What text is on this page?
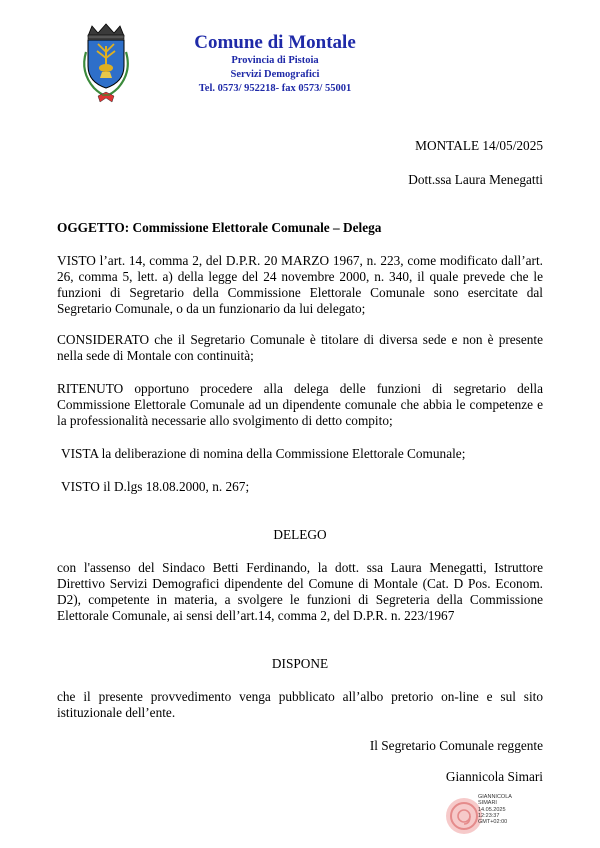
Comune di Montale
Provincia di Pistoia
Servizi Demografici
Tel. 0573/ 952218- fax 0573/ 55001
MONTALE 14/05/2025
Dott.ssa Laura Menegatti
OGGETTO: Commissione Elettorale Comunale – Delega
VISTO l’art. 14, comma 2, del D.P.R. 20 MARZO 1967, n. 223, come modificato dall’art. 26, comma 5, lett. a) della legge del 24 novembre 2000, n. 340, il quale prevede che le funzioni di Segretario della Commissione Elettorale Comunale sono esercitate dal Segretario Comunale, o da un funzionario da lui delegato;
CONSIDERATO che il Segretario Comunale è titolare di diversa sede e non è presente nella sede di Montale con continuità;
RITENUTO opportuno procedere alla delega delle funzioni di segretario della Commissione Elettorale Comunale ad un dipendente comunale che abbia le competenze e la professionalità necessarie allo svolgimento di detto compito;
VISTA la deliberazione di nomina della Commissione Elettorale Comunale;
VISTO il D.lgs 18.08.2000, n. 267;
DELEGO
con l'assenso del Sindaco Betti Ferdinando, la dott. ssa Laura Menegatti, Istruttore Direttivo Servizi Demografici dipendente del Comune di Montale (Cat. D Pos. Econom. D2), competente in materia, a svolgere le funzioni di Segreteria della Commissione Elettorale Comunale, ai sensi dell’art.14, comma 2, del D.P.R. n. 223/1967
DISPONE
che il presente provvedimento venga pubblicato all’albo pretorio on-line e sul sito istituzionale dell’ente.
Il Segretario Comunale reggente
Giannicola Simari
GIANNICOLA
SIMARI
14.05.2025
12:23:37
GMT+02:00
